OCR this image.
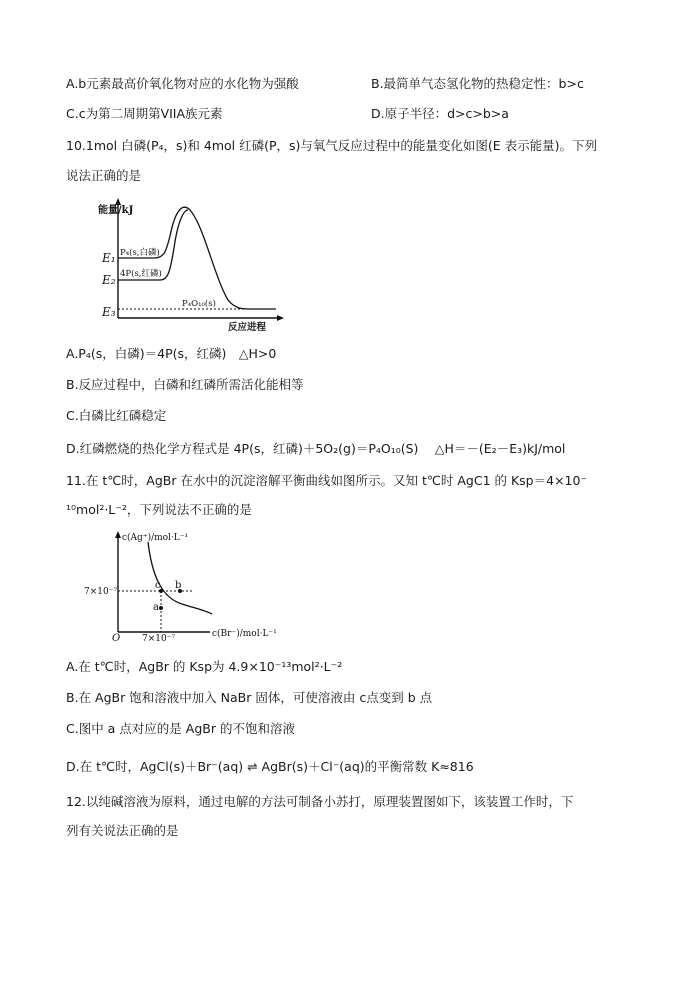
A.b元素最高价氧化物对应的水化物为强酸	B.最简单气态氢化物的热稳定性：b>c
C.c为第二周期第VIIA族元素	D.原子半径：d>c>b>a
10.1mol 白磷(P₄，s)和 4mol 红磷(P，s)与氧气反应过程中的能量变化如图(E 表示能量)。下列
说法正确的是
能量/kJ
反应进程
E₁
E₂
E₃
P₄(s,白磷)
4P(s,红磷)
P₄O₁₀(s)
A.P₄(s，白磷)＝4P(s，红磷)　△H>0
B.反应过程中，白磷和红磷所需活化能相等
C.白磷比红磷稳定
D.红磷燃烧的热化学方程式是 4P(s，红磷)＋5O₂(g)＝P₄O₁₀(S)　 △H＝－(E₂－E₃)kJ/mol
11.在 t℃时，AgBr 在水中的沉淀溶解平衡曲线如图所示。又知 t℃时 AgC1 的 Ksp＝4×10⁻
¹⁰mol²·L⁻²，下列说法不正确的是
O
c(Ag⁺)/mol·L⁻¹
c(Br⁻)/mol·L⁻¹
7×10⁻⁷
7×10⁻⁷
c
a
b
A.在 t℃时，AgBr 的 Ksp为 4.9×10⁻¹³mol²·L⁻²
B.在 AgBr 饱和溶液中加入 NaBr 固体，可使溶液由 c点变到 b 点
C.图中 a 点对应的是 AgBr 的不饱和溶液
D.在 t℃时，AgCl(s)＋Br⁻(aq) ⇌ AgBr(s)＋Cl⁻(aq)的平衡常数 K≈816
12.以纯碱溶液为原料，通过电解的方法可制备小苏打，原理装置图如下，该装置工作时，下
列有关说法正确的是
